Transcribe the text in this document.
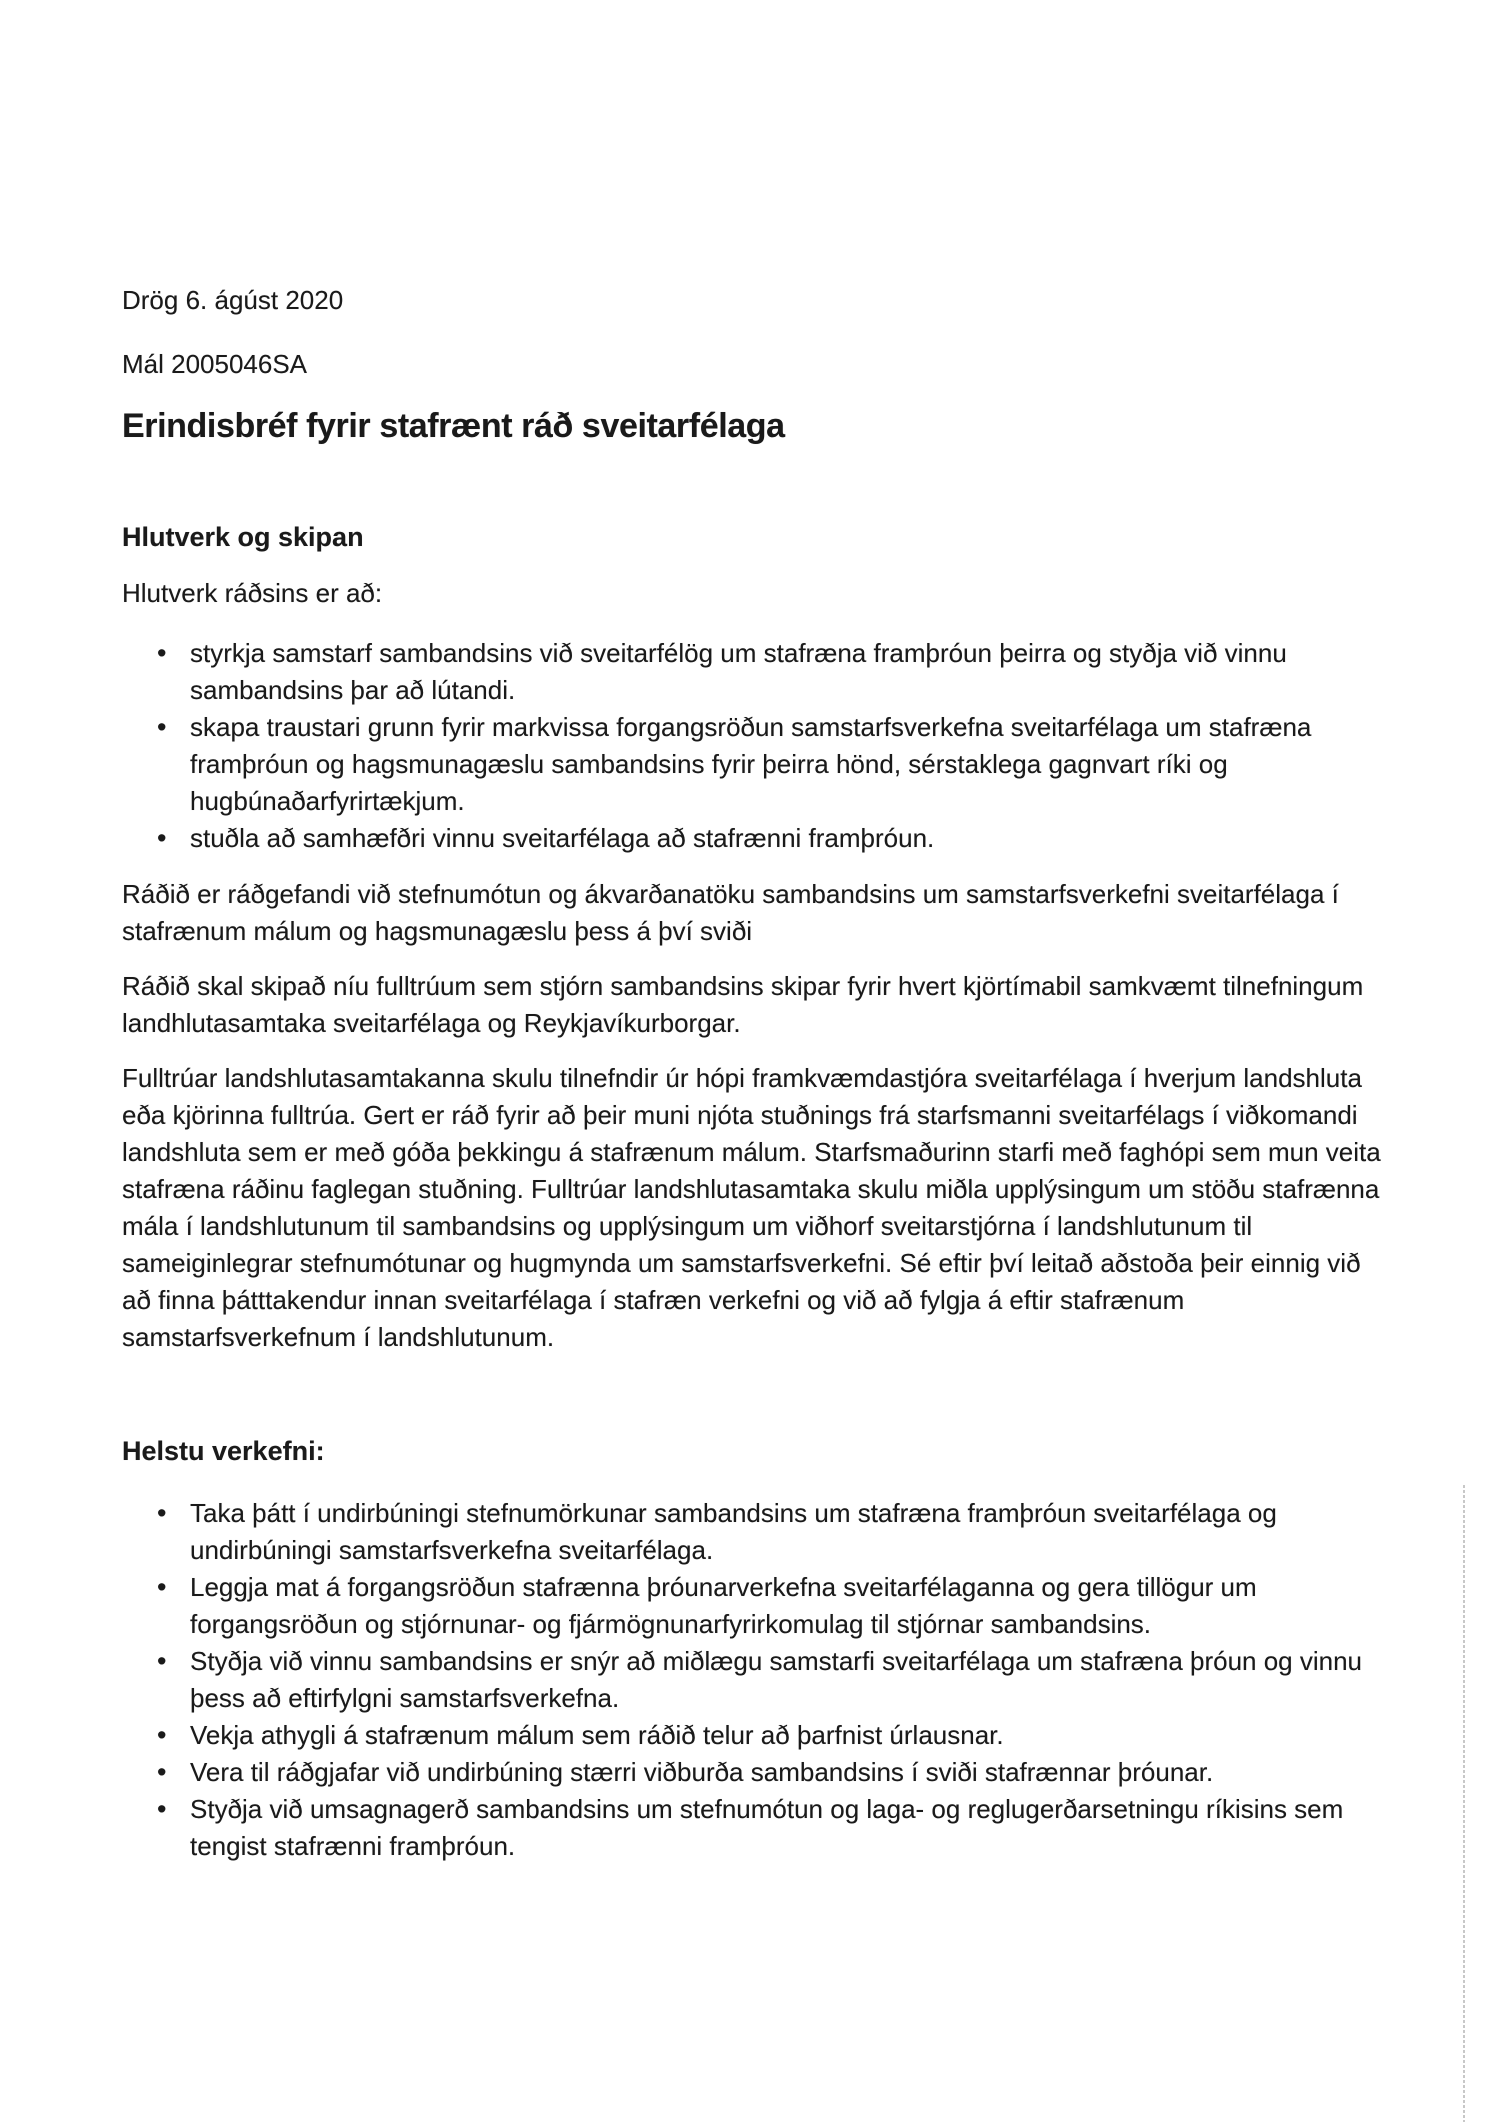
Drög 6. ágúst 2020

Mál 2005046SA

Erindisbréf fyrir stafrænt ráð sveitarfélaga
Hlutverk og skipan

Hlutverk ráðsins er að:

• styrkja samstarf sambandsins við sveitarfélög um stafræna framþróun þeirra og styðja við vinnu sambandsins þar að lútandi.
• skapa traustari grunn fyrir markvissa forgangsröðun samstarfsverkefna sveitarfélaga um stafræna framþróun og hagsmunagæslu sambandsins fyrir þeirra hönd, sérstaklega gagnvart ríki og hugbúnaðarfyrirtækjum.
• stuðla að samhæfðri vinnu sveitarfélaga að stafrænni framþróun.

Ráðið er ráðgefandi við stefnumótun og ákvarðanatöku sambandsins um samstarfsverkefni sveitarfélaga í stafrænum málum og hagsmunagæslu þess á því sviði

Ráðið skal skipað níu fulltrúum sem stjórn sambandsins skipar fyrir hvert kjörtímabil samkvæmt tilnefningum landhlutasamtaka sveitarfélaga og Reykjavíkurborgar.

Fulltrúar landshlutasamtakanna skulu tilnefndir úr hópi framkvæmdastjóra sveitarfélaga í hverjum landshluta eða kjörinna fulltrúa. Gert er ráð fyrir að þeir muni njóta stuðnings frá starfsmanni sveitarfélags í viðkomandi landshluta sem er með góða þekkingu á stafrænum málum. Starfsmaðurinn starfi með faghópi sem mun veita stafræna ráðinu faglegan stuðning. Fulltrúar landshlutasamtaka skulu miðla upplýsingum um stöðu stafrænna mála í landshlutunum til sambandsins og upplýsingum um viðhorf sveitarstjórna í landshlutunum til sameiginlegrar stefnumótunar og hugmynda um samstarfsverkefni. Sé eftir því leitað aðstoða þeir einnig við að finna þátttakendur innan sveitarfélaga í stafræn verkefni og við að fylgja á eftir stafrænum samstarfsverkefnum í landshlutunum.

Helstu verkefni:
• Taka þátt í undirbúningi stefnumörkunar sambandsins um stafræna framþróun sveitarfélaga og undirbúningi samstarfsverkefna sveitarfélaga.
• Leggja mat á forgangsröðun stafrænna þróunarverkefna sveitarfélaganna og gera tillögur um forgangsröðun og stjórnunar- og fjármögnunarfyrirkomulag til stjórnar sambandsins.
• Styðja við vinnu sambandsins er snýr að miðlægu samstarfi sveitarfélaga um stafræna þróun og vinnu þess að eftirfylgni samstarfsverkefna.
• Vekja athygli á stafrænum málum sem ráðið telur að þarfnist úrlausnar.
• Vera til ráðgjafar við undirbúning stærri viðburða sambandsins í sviði stafrænnar þróunar.
• Styðja við umsagnagerð sambandsins um stefnumótun og laga- og reglugerðarsetningu ríkisins sem tengist stafrænni framþróun.
